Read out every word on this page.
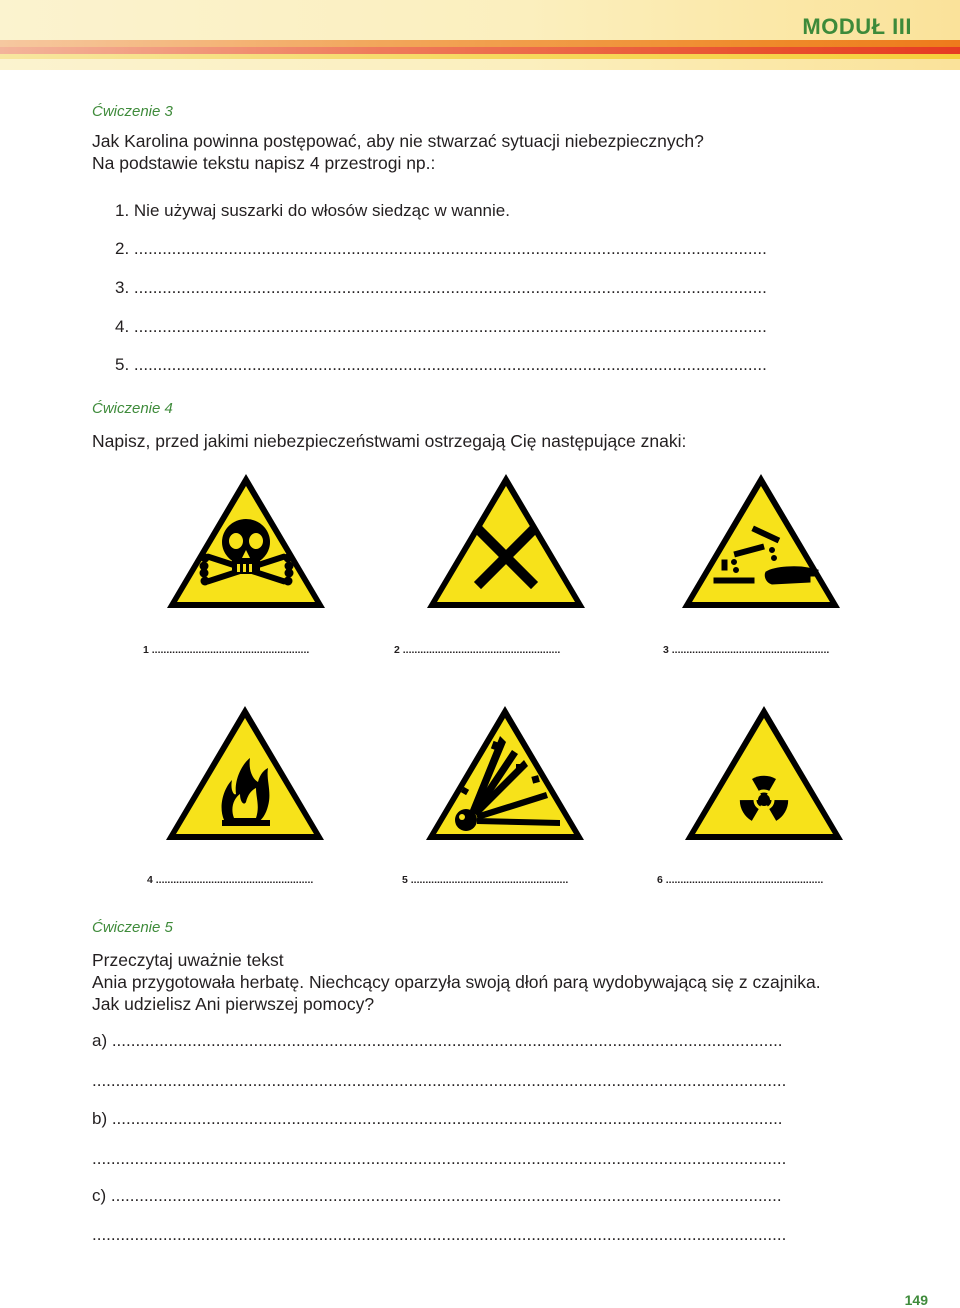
MODUŁ III
Ćwiczenie 3
Jak Karolina powinna postępować, aby nie stwarzać sytuacji niebezpiecznych?
Na podstawie tekstu napisz 4 przestrogi np.:
1. Nie używaj suszarki do włosów siedząc w wannie.
2. ......................................................................................................................................
3. ......................................................................................................................................
4. ......................................................................................................................................
5. ......................................................................................................................................
Ćwiczenie 4
Napisz, przed jakimi niebezpieczeństwami ostrzegają Cię następujące znaki:
1 ......................................................	2 ......................................................	3 ......................................................
4 ......................................................	5 ......................................................	6 ......................................................
Ćwiczenie 5
Przeczytaj uważnie tekst
Ania przygotowała herbatę. Niechcący oparzyła swoją dłoń parą wydobywającą się z czajnika.
Jak udzielisz Ani pierwszej pomocy?
a) ..............................................................................................................................................
...................................................................................................................................................
b) ..............................................................................................................................................
...................................................................................................................................................
c) ..............................................................................................................................................
...................................................................................................................................................
149
